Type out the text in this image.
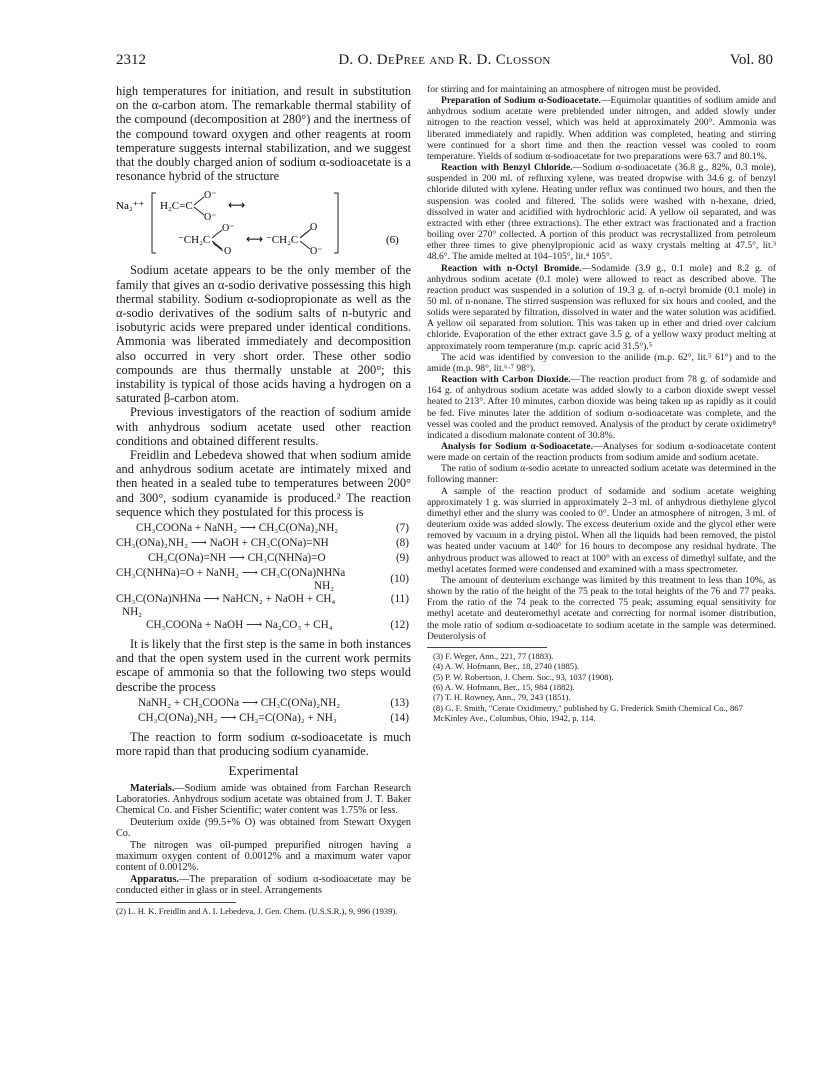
2312	D. O. DePree and R. D. Closson	Vol. 80

high temperatures for initiation, and result in substitution on the α-carbon atom. The remarkable thermal stability of the compound (decomposition at 280°) and the inertness of the compound toward oxygen and other reagents at room temperature suggests internal stabilization, and we suggest that the doubly charged anion of sodium α-sodioacetate is a resonance hybrid of the structure

Na₂⁺⁺ H₂C=C
O⁻
O⁻
⟷
⁻CH₂C
O⁻
O
⟷ ⁻CH₂C
O
O⁻
(6)

Sodium acetate appears to be the only member of the family that gives an α-sodio derivative possessing this high thermal stability. Sodium α-sodiopropionate as well as the α-sodio derivatives of the sodium salts of n-butyric and isobutyric acids were prepared under identical conditions. Ammonia was liberated immediately and decomposition also occurred in very short order. These other sodio compounds are thus thermally unstable at 200°; this instability is typical of those acids having a hydrogen on a saturated β-carbon atom.

Previous investigators of the reaction of sodium amide with anhydrous sodium acetate used other reaction conditions and obtained different results.

Freidlin and Lebedeva showed that when sodium amide and anhydrous sodium acetate are intimately mixed and then heated in a sealed tube to temperatures between 200° and 300°, sodium cyanamide is produced.² The reaction sequence which they postulated for this process is

CH₃COONa + NaNH₂ ⟶ CH₃C(ONa)₂NH₂	(7)
CH₃(ONa)₂NH₂ ⟶ NaOH + CH₃C(ONa)=NH	(8)
CH₃C(ONa)=NH ⟶ CH₃C(NHNa)=O	(9)
CH₃C(NHNa)=O + NaNH₂ ⟶ CH₃C(ONa)NHNa	(10)
NH₂
CH₃C(ONa)NHNa ⟶ NaHCN₂ + NaOH + CH₄	(11)
NH₂
CH₃COONa + NaOH ⟶ Na₂CO₃ + CH₄	(12)

It is likely that the first step is the same in both instances and that the open system used in the current work permits escape of ammonia so that the following two steps would describe the process

NaNH₂ + CH₃COONa ⟶ CH₃C(ONa)₂NH₂	(13)
CH₃C(ONa)₂NH₂ ⟶ CH₂=C(ONa)₂ + NH₃	(14)

The reaction to form sodium α-sodioacetate is much more rapid than that producing sodium cyanamide.

Experimental

Materials.—Sodium amide was obtained from Farchan Research Laboratories. Anhydrous sodium acetate was obtained from J. T. Baker Chemical Co. and Fisher Scientific; water content was 1.75% or less.

Deuterium oxide (99.5+% O) was obtained from Stewart Oxygen Co.

The nitrogen was oil-pumped prepurified nitrogen having a maximum oxygen content of 0.0012% and a maximum water vapor content of 0.0012%.

Apparatus.—The preparation of sodium α-sodioacetate may be conducted either in glass or in steel. Arrangements

(2) L. H. K. Freidlin and A. I. Lebedeva, J. Gen. Chem. (U.S.S.R.), 9, 996 (1939).

for stirring and for maintaining an atmosphere of nitrogen must be provided.

Preparation of Sodium α-Sodioacetate.—Equimolar quantities of sodium amide and anhydrous sodium acetate were preblended under nitrogen, and added slowly under nitrogen to the reaction vessel, which was held at approximately 200°. Ammonia was liberated immediately and rapidly. When addition was completed, heating and stirring were continued for a short time and then the reaction vessel was cooled to room temperature. Yields of sodium α-sodioacetate for two preparations were 63.7 and 80.1%.

Reaction with Benzyl Chloride.—Sodium α-sodioacetate (36.8 g., 82%, 0.3 mole), suspended in 200 ml. of refluxing xylene, was treated dropwise with 34.6 g. of benzyl chloride diluted with xylene. Heating under reflux was continued two hours, and then the suspension was cooled and filtered. The solids were washed with n-hexane, dried, dissolved in water and acidified with hydrochloric acid. A yellow oil separated, and was extracted with ether (three extractions). The ether extract was fractionated and a fraction boiling over 270° collected. A portion of this product was recrystallized from petroleum ether three times to give phenylpropionic acid as waxy crystals melting at 47.5°, lit.³ 48.6°. The amide melted at 104–105°, lit.⁴ 105°.

Reaction with n-Octyl Bromide.—Sodamide (3.9 g., 0.1 mole) and 8.2 g. of anhydrous sodium acetate (0.1 mole) were allowed to react as described above. The reaction product was suspended in a solution of 19.3 g. of n-octyl bromide (0.1 mole) in 50 ml. of n-nonane. The stirred suspension was refluxed for six hours and cooled, and the solids were separated by filtration, dissolved in water and the water solution was acidified. A yellow oil separated from solution. This was taken up in ether and dried over calcium chloride. Evaporation of the ether extract gave 3.5 g. of a yellow waxy product melting at approximately room temperature (m.p. capric acid 31.5°).⁵

The acid was identified by conversion to the anilide (m.p. 62°, lit.⁵ 61°) and to the amide (m.p. 98°, lit.⁶·⁷ 98°).

Reaction with Carbon Dioxide.—The reaction product from 78 g. of sodamide and 164 g. of anhydrous sodium acetate was added slowly to a carbon dioxide swept vessel heated to 213°. After 10 minutes, carbon dioxide was being taken up as rapidly as it could be fed. Five minutes later the addition of sodium α-sodioacetate was complete, and the vessel was cooled and the product removed. Analysis of the product by cerate oxidimetry⁸ indicated a disodium malonate content of 30.8%.

Analysis for Sodium α-Sodioacetate.—Analyses for sodium α-sodioacetate content were made on certain of the reaction products from sodium amide and sodium acetate.

The ratio of sodium α-sodio acetate to unreacted sodium acetate was determined in the following manner:

A sample of the reaction product of sodamide and sodium acetate weighing approximately 1 g. was slurried in approximately 2–3 ml. of anhydrous diethylene glycol dimethyl ether and the slurry was cooled to 0°. Under an atmosphere of nitrogen, 3 ml. of deuterium oxide was added slowly. The excess deuterium oxide and the glycol ether were removed by vacuum in a drying pistol. When all the liquids had been removed, the pistol was heated under vacuum at 140° for 16 hours to decompose any residual hydrate. The anhydrous product was allowed to react at 100° with an excess of dimethyl sulfate, and the methyl acetates formed were condensed and examined with a mass spectrometer.

The amount of deuterium exchange was limited by this treatment to less than 10%, as shown by the ratio of the height of the 75 peak to the total heights of the 76 and 77 peaks. From the ratio of the 74 peak to the corrected 75 peak; assuming equal sensitivity for methyl acetate and deuteromethyl acetate and correcting for normal isomer distribution, the mole ratio of sodium α-sodioacetate to sodium acetate in the sample was determined. Deuterolysis of

(3) F. Weger, Ann., 221, 77 (1883).

(4) A. W. Hofmann, Ber., 18, 2740 (1885).

(5) P. W. Robertson, J. Chem. Soc., 93, 1037 (1908).

(6) A. W. Hofmann, Ber., 15, 984 (1882).

(7) T. H. Rowney, Ann., 79, 243 (1851).

(8) G. F. Smith, "Cerate Oxidimetry," published by G. Frederick Smith Chemical Co., 867 McKinley Ave., Columbus, Ohio, 1942, p. 114.
